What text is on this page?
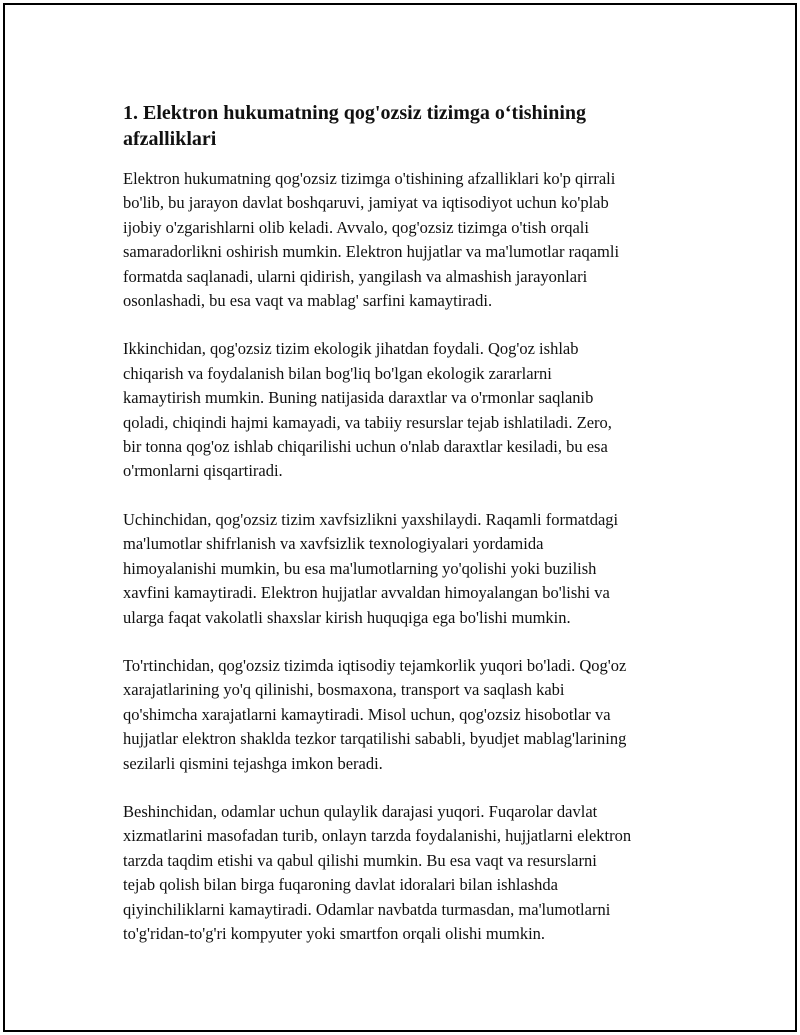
1. Elektron hukumatning qog'ozsiz tizimga o‘tishining
afzalliklari

Elektron hukumatning qog'ozsiz tizimga o'tishining afzalliklari ko'p qirrali
bo'lib, bu jarayon davlat boshqaruvi, jamiyat va iqtisodiyot uchun ko'plab
ijobiy o'zgarishlarni olib keladi. Avvalo, qog'ozsiz tizimga o'tish orqali
samaradorlikni oshirish mumkin. Elektron hujjatlar va ma'lumotlar raqamli
formatda saqlanadi, ularni qidirish, yangilash va almashish jarayonlari
osonlashadi, bu esa vaqt va mablag' sarfini kamaytiradi.

Ikkinchidan, qog'ozsiz tizim ekologik jihatdan foydali. Qog'oz ishlab
chiqarish va foydalanish bilan bog'liq bo'lgan ekologik zararlarni
kamaytirish mumkin. Buning natijasida daraxtlar va o'rmonlar saqlanib
qoladi, chiqindi hajmi kamayadi, va tabiiy resurslar tejab ishlatiladi. Zero,
bir tonna qog'oz ishlab chiqarilishi uchun o'nlab daraxtlar kesiladi, bu esa
o'rmonlarni qisqartiradi.

Uchinchidan, qog'ozsiz tizim xavfsizlikni yaxshilaydi. Raqamli formatdagi
ma'lumotlar shifrlanish va xavfsizlik texnologiyalari yordamida
himoyalanishi mumkin, bu esa ma'lumotlarning yo'qolishi yoki buzilish
xavfini kamaytiradi. Elektron hujjatlar avvaldan himoyalangan bo'lishi va
ularga faqat vakolatli shaxslar kirish huquqiga ega bo'lishi mumkin.

To'rtinchidan, qog'ozsiz tizimda iqtisodiy tejamkorlik yuqori bo'ladi. Qog'oz
xarajatlarining yo'q qilinishi, bosmaxona, transport va saqlash kabi
qo'shimcha xarajatlarni kamaytiradi. Misol uchun, qog'ozsiz hisobotlar va
hujjatlar elektron shaklda tezkor tarqatilishi sababli, byudjet mablag'larining
sezilarli qismini tejashga imkon beradi.

Beshinchidan, odamlar uchun qulaylik darajasi yuqori. Fuqarolar davlat
xizmatlarini masofadan turib, onlayn tarzda foydalanishi, hujjatlarni elektron
tarzda taqdim etishi va qabul qilishi mumkin. Bu esa vaqt va resurslarni
tejab qolish bilan birga fuqaroning davlat idoralari bilan ishlashda
qiyinchiliklarni kamaytiradi. Odamlar navbatda turmasdan, ma'lumotlarni
to'g'ridan-to'g'ri kompyuter yoki smartfon orqali olishi mumkin.
